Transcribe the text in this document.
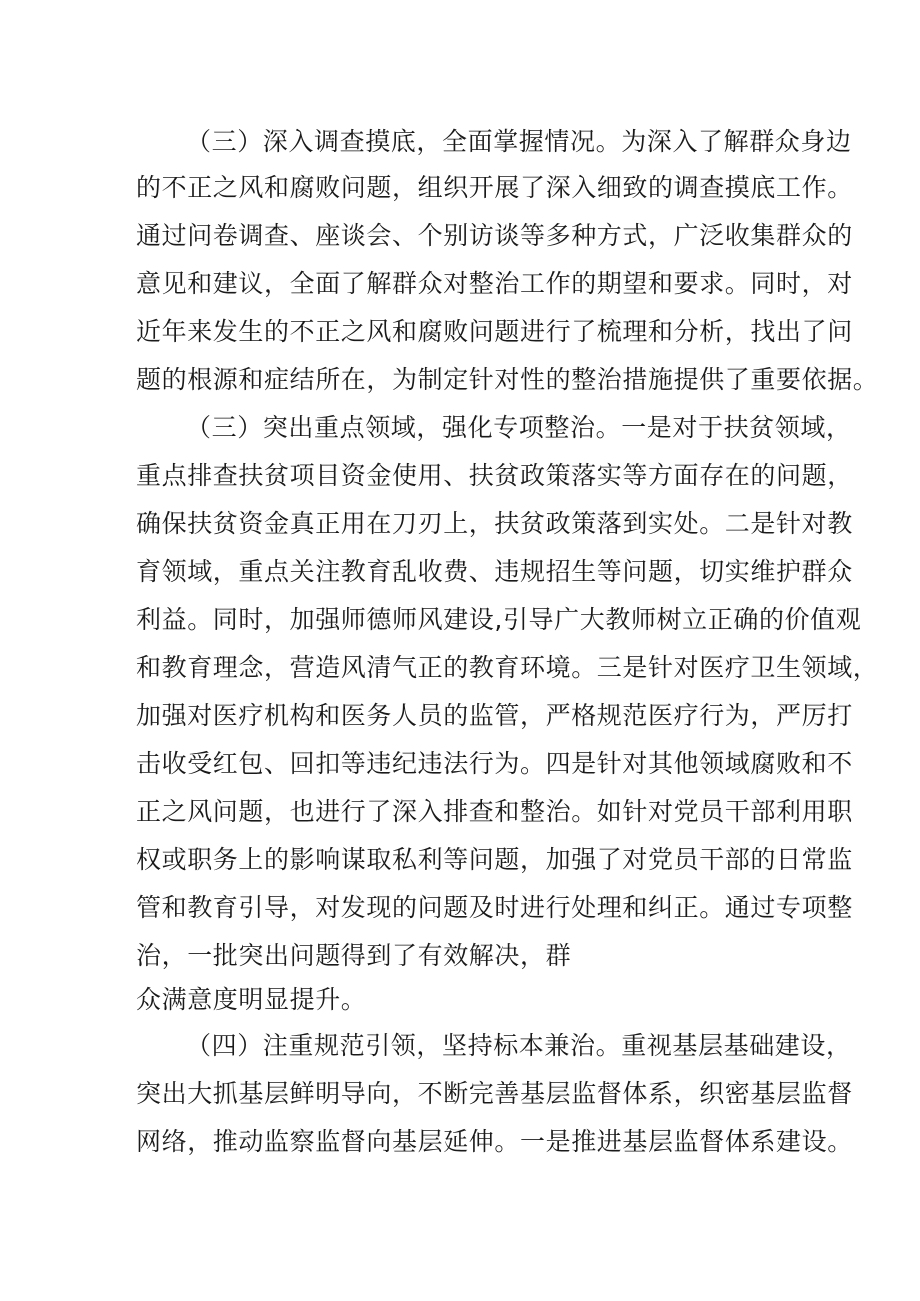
（三）深入调查摸底，全面掌握情况。为深入了解群众身边

的不正之风和腐败问题，组织开展了深入细致的调查摸底工作。

通过问卷调查、座谈会、个别访谈等多种方式，广泛收集群众的

意见和建议，全面了解群众对整治工作的期望和要求。同时，对

近年来发生的不正之风和腐败问题进行了梳理和分析，找出了问

题的根源和症结所在，为制定针对性的整治措施提供了重要依据。

（三）突出重点领域，强化专项整治。一是对于扶贫领域，

重点排查扶贫项目资金使用、扶贫政策落实等方面存在的问题，

确保扶贫资金真正用在刀刃上，扶贫政策落到实处。二是针对教

育领域，重点关注教育乱收费、违规招生等问题，切实维护群众

利益。同时，加强师德师风建设,引导广大教师树立正确的价值观

和教育理念，营造风清气正的教育环境。三是针对医疗卫生领域，

加强对医疗机构和医务人员的监管，严格规范医疗行为，严厉打

击收受红包、回扣等违纪违法行为。四是针对其他领域腐败和不

正之风问题，也进行了深入排查和整治。如针对党员干部利用职

权或职务上的影响谋取私利等问题，加强了对党员干部的日常监

管和教育引导，对发现的问题及时进行处理和纠正。通过专项整

治，一批突出问题得到了有效解决，群

众满意度明显提升。

（四）注重规范引领，坚持标本兼治。重视基层基础建设，

突出大抓基层鲜明导向，不断完善基层监督体系，织密基层监督

网络，推动监察监督向基层延伸。一是推进基层监督体系建设。
